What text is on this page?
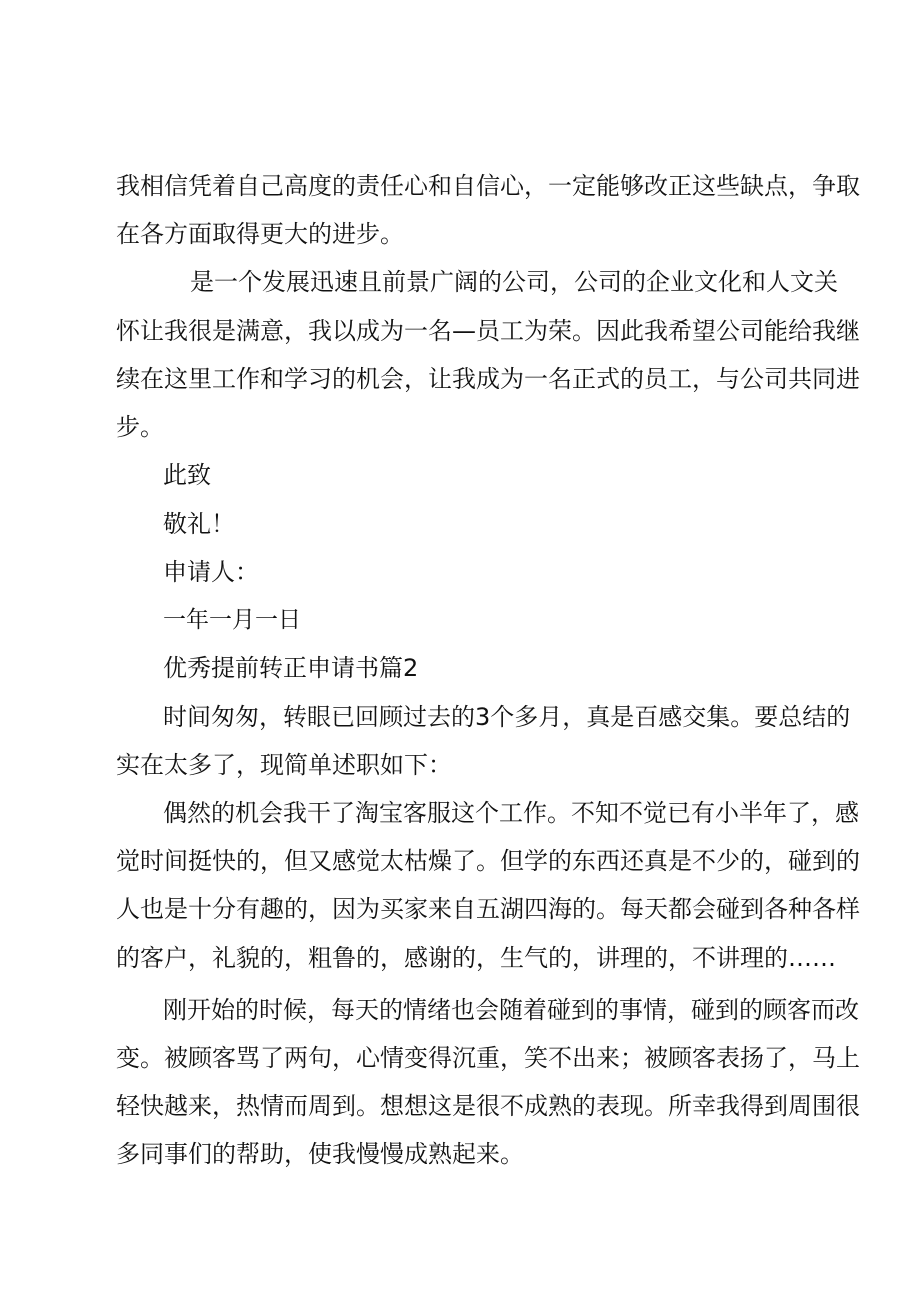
我相信凭着自己高度的责任心和自信心，一定能够改正这些缺点，争取
在各方面取得更大的进步。
是一个发展迅速且前景广阔的公司，公司的企业文化和人文关
怀让我很是满意，我以成为一名—员工为荣。因此我希望公司能给我继
续在这里工作和学习的机会，让我成为一名正式的员工，与公司共同进
步。
此致
敬礼！
申请人：
一年一月一日
优秀提前转正申请书篇2
时间匆匆，转眼已回顾过去的3个多月，真是百感交集。要总结的
实在太多了，现简单述职如下：
偶然的机会我干了淘宝客服这个工作。不知不觉已有小半年了，感
觉时间挺快的，但又感觉太枯燥了。但学的东西还真是不少的，碰到的
人也是十分有趣的，因为买家来自五湖四海的。每天都会碰到各种各样
的客户，礼貌的，粗鲁的，感谢的，生气的，讲理的，不讲理的……
刚开始的时候，每天的情绪也会随着碰到的事情，碰到的顾客而改
变。被顾客骂了两句，心情变得沉重，笑不出来；被顾客表扬了，马上
轻快越来，热情而周到。想想这是很不成熟的表现。所幸我得到周围很
多同事们的帮助，使我慢慢成熟起来。
